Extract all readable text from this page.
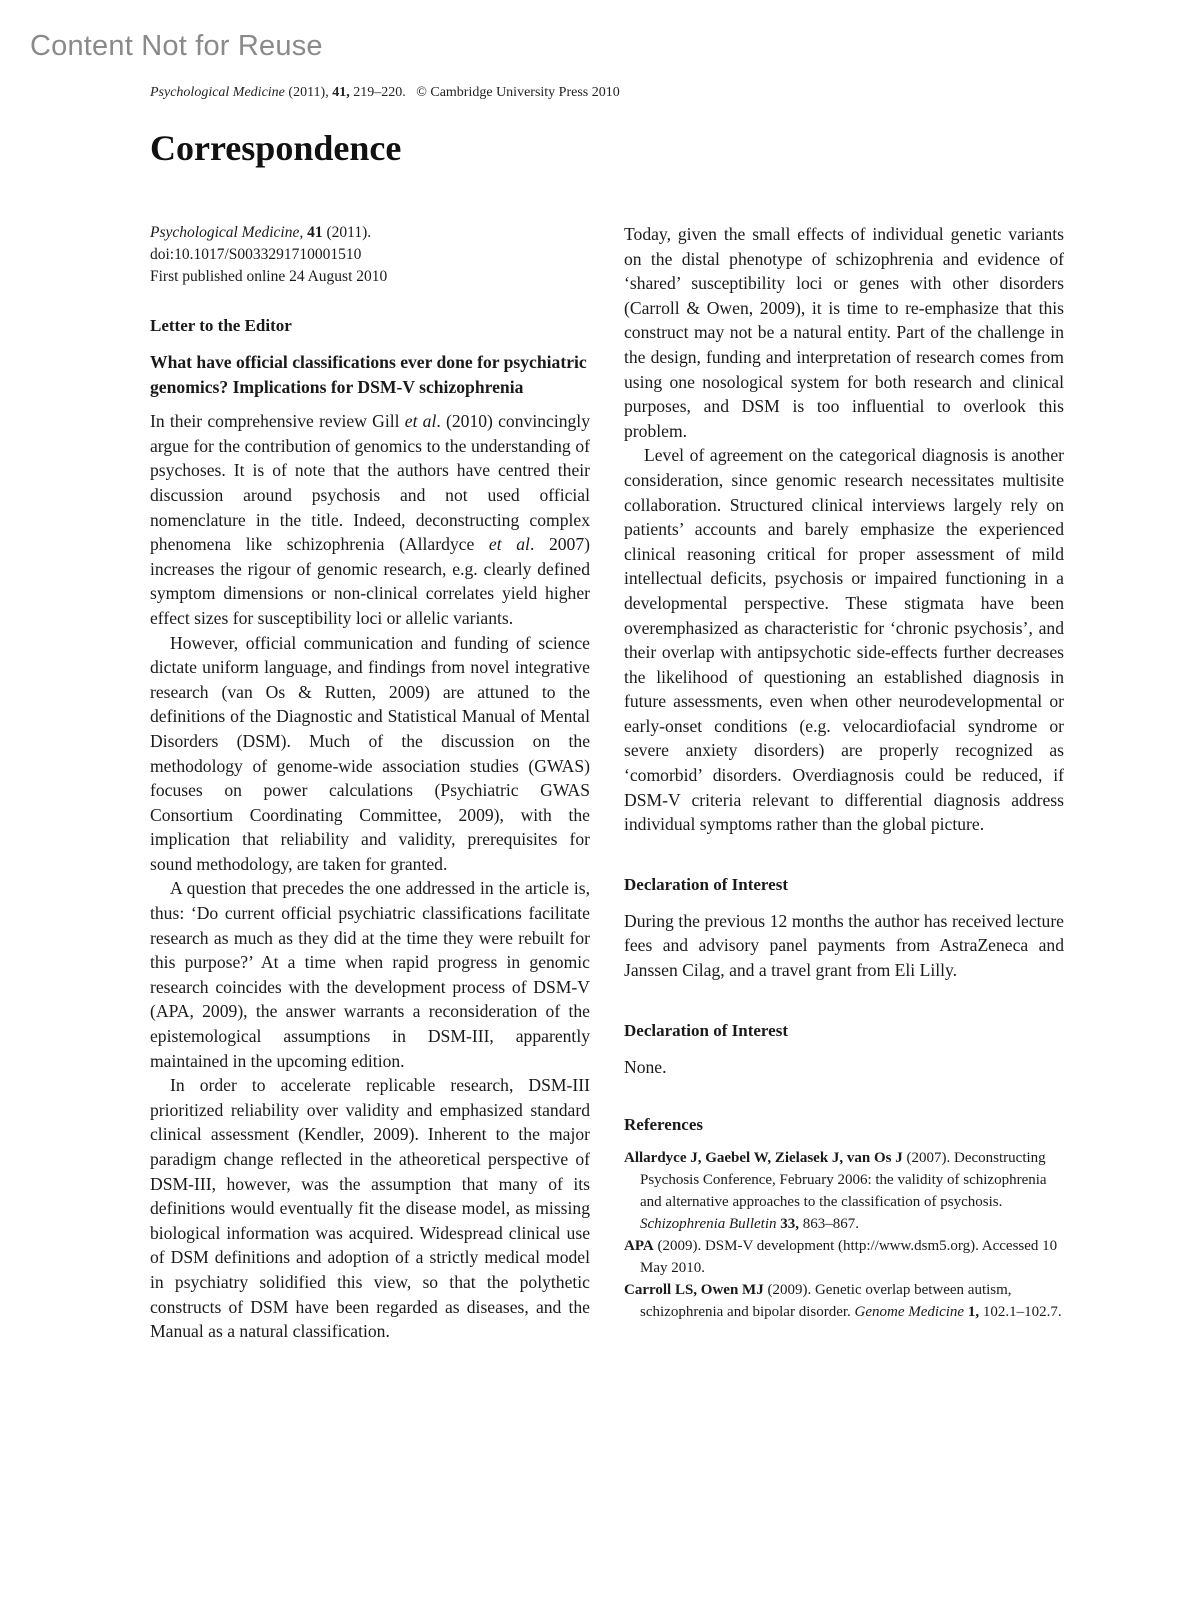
Content Not for Reuse
Psychological Medicine (2011), 41, 219–220. © Cambridge University Press 2010
Correspondence

Psychological Medicine, 41 (2011).

doi:10.1017/S0033291710001510

First published online 24 August 2010

Letter to the Editor

What have official classifications ever done for psychiatric genomics? Implications for DSM-V schizophrenia

In their comprehensive review Gill et al. (2010) convincingly argue for the contribution of genomics to the understanding of psychoses. It is of note that the authors have centred their discussion around psychosis and not used official nomenclature in the title. Indeed, deconstructing complex phenomena like schizophrenia (Allardyce et al. 2007) increases the rigour of genomic research, e.g. clearly defined symptom dimensions or non-clinical correlates yield higher effect sizes for susceptibility loci or allelic variants.

However, official communication and funding of science dictate uniform language, and findings from novel integrative research (van Os & Rutten, 2009) are attuned to the definitions of the Diagnostic and Statistical Manual of Mental Disorders (DSM). Much of the discussion on the methodology of genome-wide association studies (GWAS) focuses on power calculations (Psychiatric GWAS Consortium Coordinating Committee, 2009), with the implication that reliability and validity, prerequisites for sound methodology, are taken for granted.

A question that precedes the one addressed in the article is, thus: ‘Do current official psychiatric classifications facilitate research as much as they did at the time they were rebuilt for this purpose?’ At a time when rapid progress in genomic research coincides with the development process of DSM-V (APA, 2009), the answer warrants a reconsideration of the epistemological assumptions in DSM-III, apparently maintained in the upcoming edition.

In order to accelerate replicable research, DSM-III prioritized reliability over validity and emphasized standard clinical assessment (Kendler, 2009). Inherent to the major paradigm change reflected in the atheoretical perspective of DSM-III, however, was the assumption that many of its definitions would eventually fit the disease model, as missing biological information was acquired. Widespread clinical use of DSM definitions and adoption of a strictly medical model in psychiatry solidified this view, so that the polythetic constructs of DSM have been regarded as diseases, and the Manual as a natural classification.

Today, given the small effects of individual genetic variants on the distal phenotype of schizophrenia and evidence of ‘shared’ susceptibility loci or genes with other disorders (Carroll & Owen, 2009), it is time to re-emphasize that this construct may not be a natural entity. Part of the challenge in the design, funding and interpretation of research comes from using one nosological system for both research and clinical purposes, and DSM is too influential to overlook this problem.

Level of agreement on the categorical diagnosis is another consideration, since genomic research necessitates multisite collaboration. Structured clinical interviews largely rely on patients’ accounts and barely emphasize the experienced clinical reasoning critical for proper assessment of mild intellectual deficits, psychosis or impaired functioning in a developmental perspective. These stigmata have been overemphasized as characteristic for ‘chronic psychosis’, and their overlap with antipsychotic side-effects further decreases the likelihood of questioning an established diagnosis in future assessments, even when other neurodevelopmental or early-onset conditions (e.g. velocardiofacial syndrome or severe anxiety disorders) are properly recognized as ‘comorbid’ disorders. Overdiagnosis could be reduced, if DSM-V criteria relevant to differential diagnosis address individual symptoms rather than the global picture.

Declaration of Interest

During the previous 12 months the author has received lecture fees and advisory panel payments from AstraZeneca and Janssen Cilag, and a travel grant from Eli Lilly.

Declaration of Interest

None.

References

Allardyce J, Gaebel W, Zielasek J, van Os J (2007). Deconstructing Psychosis Conference, February 2006: the validity of schizophrenia and alternative approaches to the classification of psychosis. Schizophrenia Bulletin 33, 863–867.

APA (2009). DSM-V development (http://www.dsm5.org). Accessed 10 May 2010.

Carroll LS, Owen MJ (2009). Genetic overlap between autism, schizophrenia and bipolar disorder. Genome Medicine 1, 102.1–102.7.
